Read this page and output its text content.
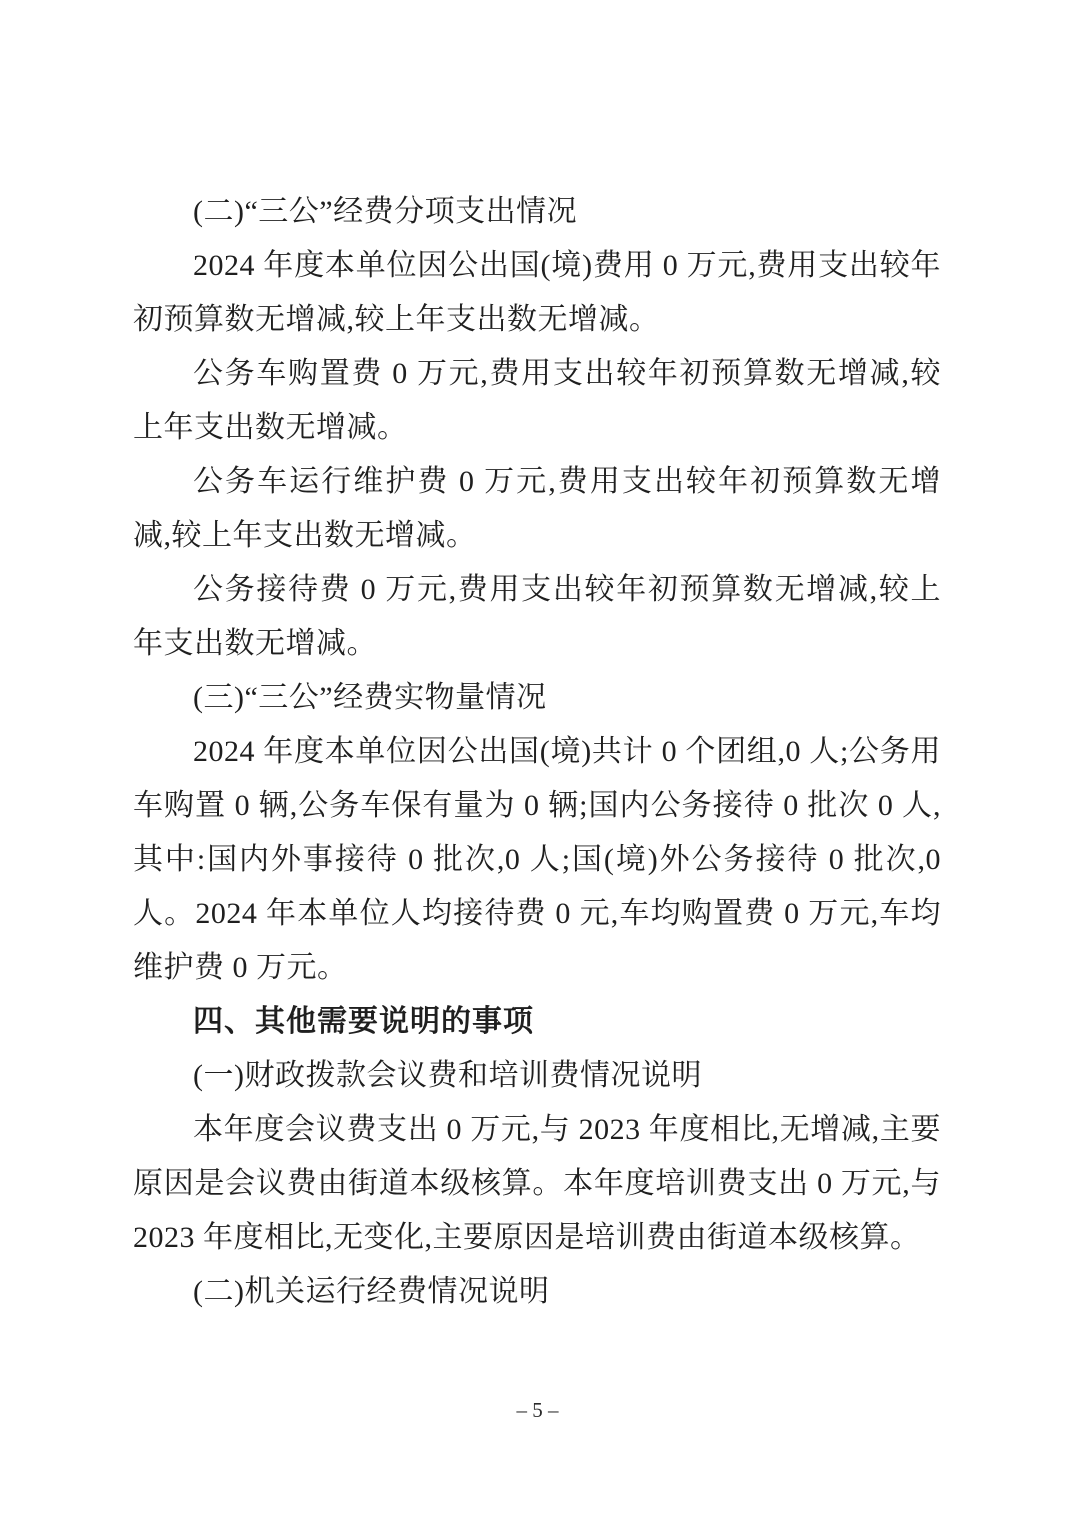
(二)“三公”经费分项支出情况

2024 年度本单位因公出国(境)费用 0 万元,费用支出较年初预算数无增减,较上年支出数无增减。

公务车购置费 0 万元,费用支出较年初预算数无增减,较上年支出数无增减。

公务车运行维护费 0 万元,费用支出较年初预算数无增减,较上年支出数无增减。

公务接待费 0 万元,费用支出较年初预算数无增减,较上年支出数无增减。

(三)“三公”经费实物量情况

2024 年度本单位因公出国(境)共计 0 个团组,0 人;公务用车购置 0 辆,公务车保有量为 0 辆;国内公务接待 0 批次 0 人,其中:国内外事接待 0 批次,0 人;国(境)外公务接待 0 批次,0 人。2024 年本单位人均接待费 0 元,车均购置费 0 万元,车均维护费 0 万元。

四、其他需要说明的事项
(一)财政拨款会议费和培训费情况说明

本年度会议费支出 0 万元,与 2023 年度相比,无增减,主要原因是会议费由街道本级核算。本年度培训费支出 0 万元,与 2023 年度相比,无变化,主要原因是培训费由街道本级核算。

(二)机关运行经费情况说明
– 5 –
